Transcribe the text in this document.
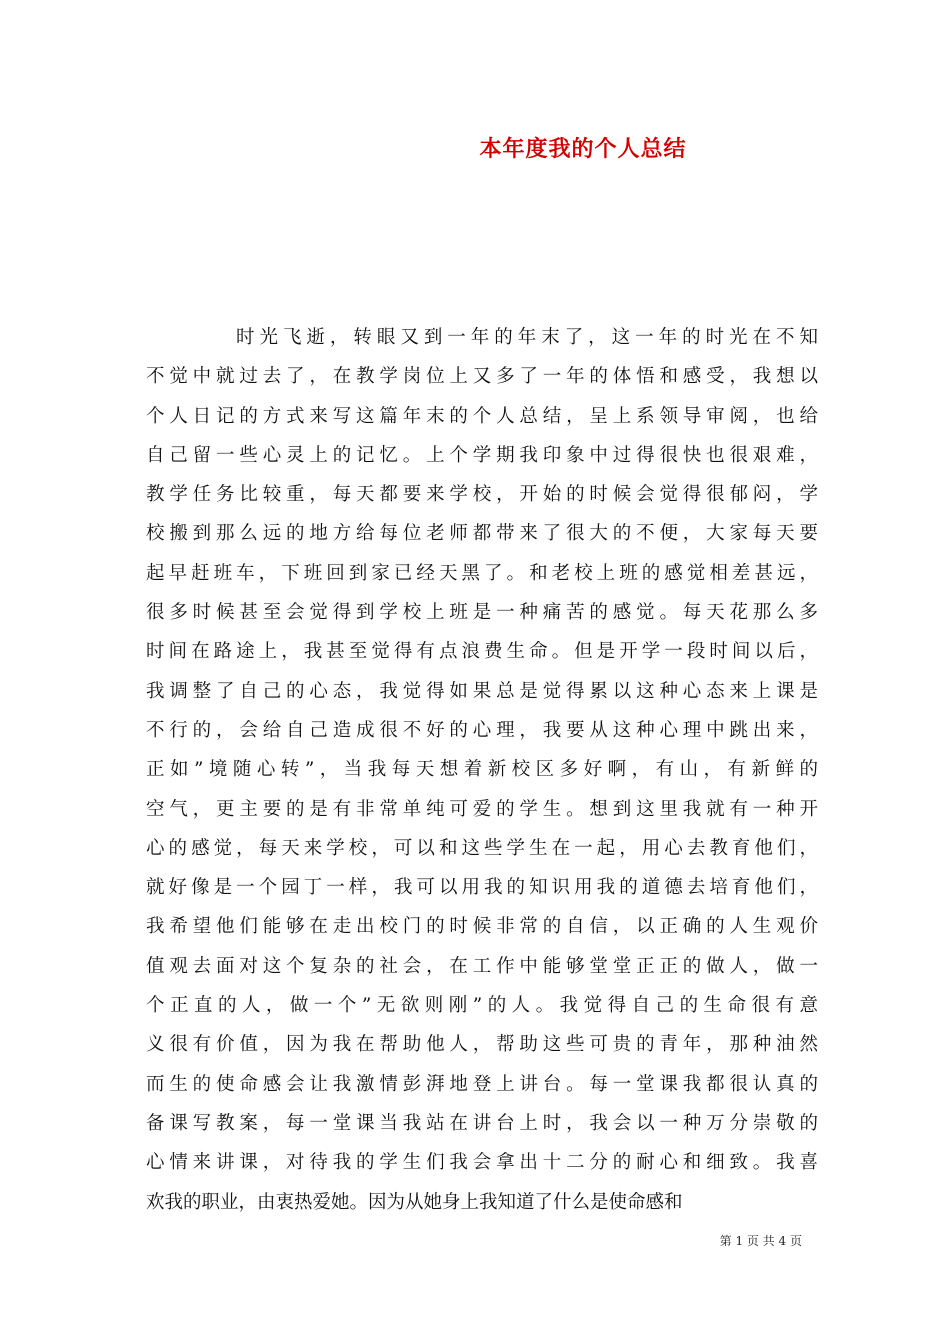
本年度我的个人总结
时光飞逝，转眼又到一年的年末了，这一年的时光在不知
不觉中就过去了，在教学岗位上又多了一年的体悟和感受，我想以
个人日记的方式来写这篇年末的个人总结，呈上系领导审阅，也给
自己留一些心灵上的记忆。上个学期我印象中过得很快也很艰难，
教学任务比较重，每天都要来学校，开始的时候会觉得很郁闷，学
校搬到那么远的地方给每位老师都带来了很大的不便，大家每天要
起早赶班车，下班回到家已经天黑了。和老校上班的感觉相差甚远，
很多时候甚至会觉得到学校上班是一种痛苦的感觉。每天花那么多
时间在路途上，我甚至觉得有点浪费生命。但是开学一段时间以后，
我调整了自己的心态，我觉得如果总是觉得累以这种心态来上课是
不行的，会给自己造成很不好的心理，我要从这种心理中跳出来，
正如”境随心转”，当我每天想着新校区多好啊，有山，有新鲜的
空气，更主要的是有非常单纯可爱的学生。想到这里我就有一种开
心的感觉，每天来学校，可以和这些学生在一起，用心去教育他们，
就好像是一个园丁一样，我可以用我的知识用我的道德去培育他们，
我希望他们能够在走出校门的时候非常的自信，以正确的人生观价
值观去面对这个复杂的社会，在工作中能够堂堂正正的做人，做一
个正直的人，做一个”无欲则刚”的人。我觉得自己的生命很有意
义很有价值，因为我在帮助他人，帮助这些可贵的青年，那种油然
而生的使命感会让我激情彭湃地登上讲台。每一堂课我都很认真的
备课写教案，每一堂课当我站在讲台上时，我会以一种万分崇敬的
心情来讲课，对待我的学生们我会拿出十二分的耐心和细致。我喜
欢我的职业，由衷热爱她。因为从她身上我知道了什么是使命感和
第 1 页 共 4 页
